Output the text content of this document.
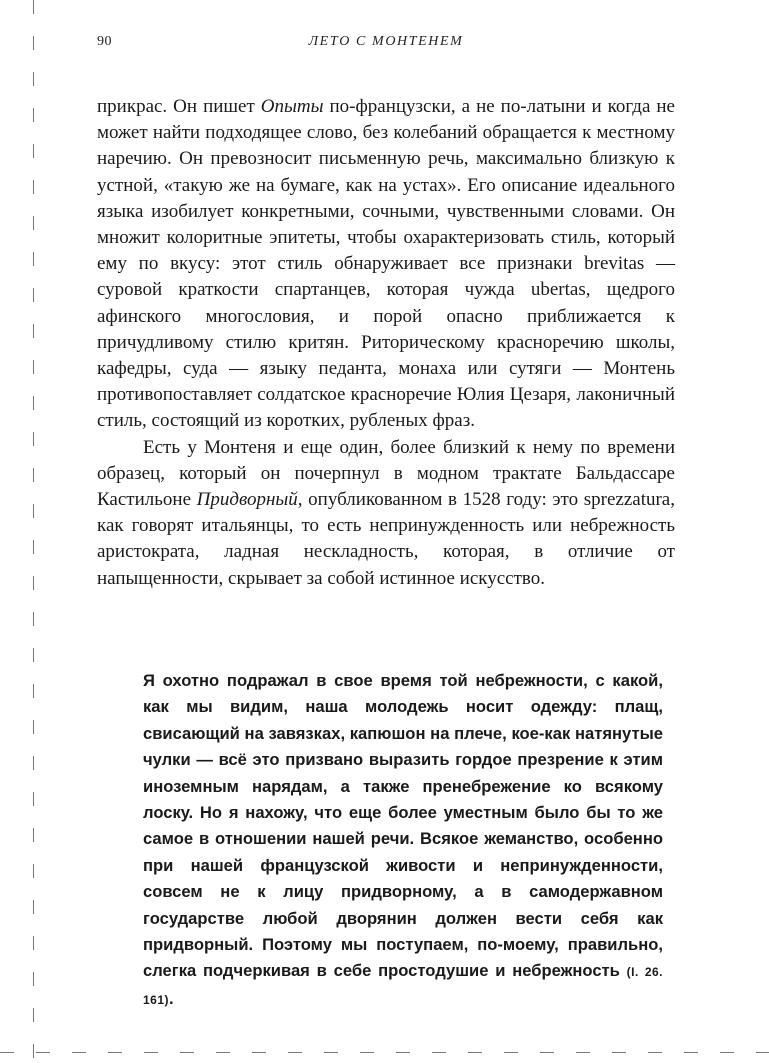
90	ЛЕТО С МОНТЕНЕМ

прикрас. Он пишет Опыты по-французски, а не по-латыни и когда не может найти подходящее слово, без колебаний обращается к местному наречию. Он превозносит письменную речь, максимально близкую к устной, «такую же на бумаге, как на устах». Его описание идеального языка изобилует конкретными, сочными, чувственными словами. Он множит колоритные эпитеты, чтобы охарактеризовать стиль, который ему по вкусу: этот стиль обнаруживает все признаки brevitas — суровой краткости спартанцев, которая чужда ubertas, щедрого афинского многословия, и порой опасно приближается к причудливому стилю критян. Риторическому красноречию школы, кафедры, суда — языку педанта, монаха или сутяги — Монтень противопоставляет солдатское красноречие Юлия Цезаря, лаконичный стиль, состоящий из коротких, рубленых фраз.

Есть у Монтеня и еще один, более близкий к нему по времени образец, который он почерпнул в модном трактате Бальдассаре Кастильоне Придворный, опубликованном в 1528 году: это sprezzatura, как говорят итальянцы, то есть непринужденность или небрежность аристократа, ладная нескладность, которая, в отличие от напыщенности, скрывает за собой истинное искусство.

Я охотно подражал в свое время той небрежности, с какой, как мы видим, наша молодежь носит одежду: плащ, свисающий на завязках, капюшон на плече, кое-как натянутые чулки — всё это призвано выразить гордое презрение к этим иноземным нарядам, а также пренебрежение ко всякому лоску. Но я нахожу, что еще более уместным было бы то же самое в отношении нашей речи. Всякое жеманство, особенно при нашей французской живости и непринужденности, совсем не к лицу придворному, а в самодержавном государстве любой дворянин должен вести себя как придворный. Поэтому мы поступаем, по-моему, правильно, слегка подчеркивая в себе простодушие и небрежность (I. 26. 161).
